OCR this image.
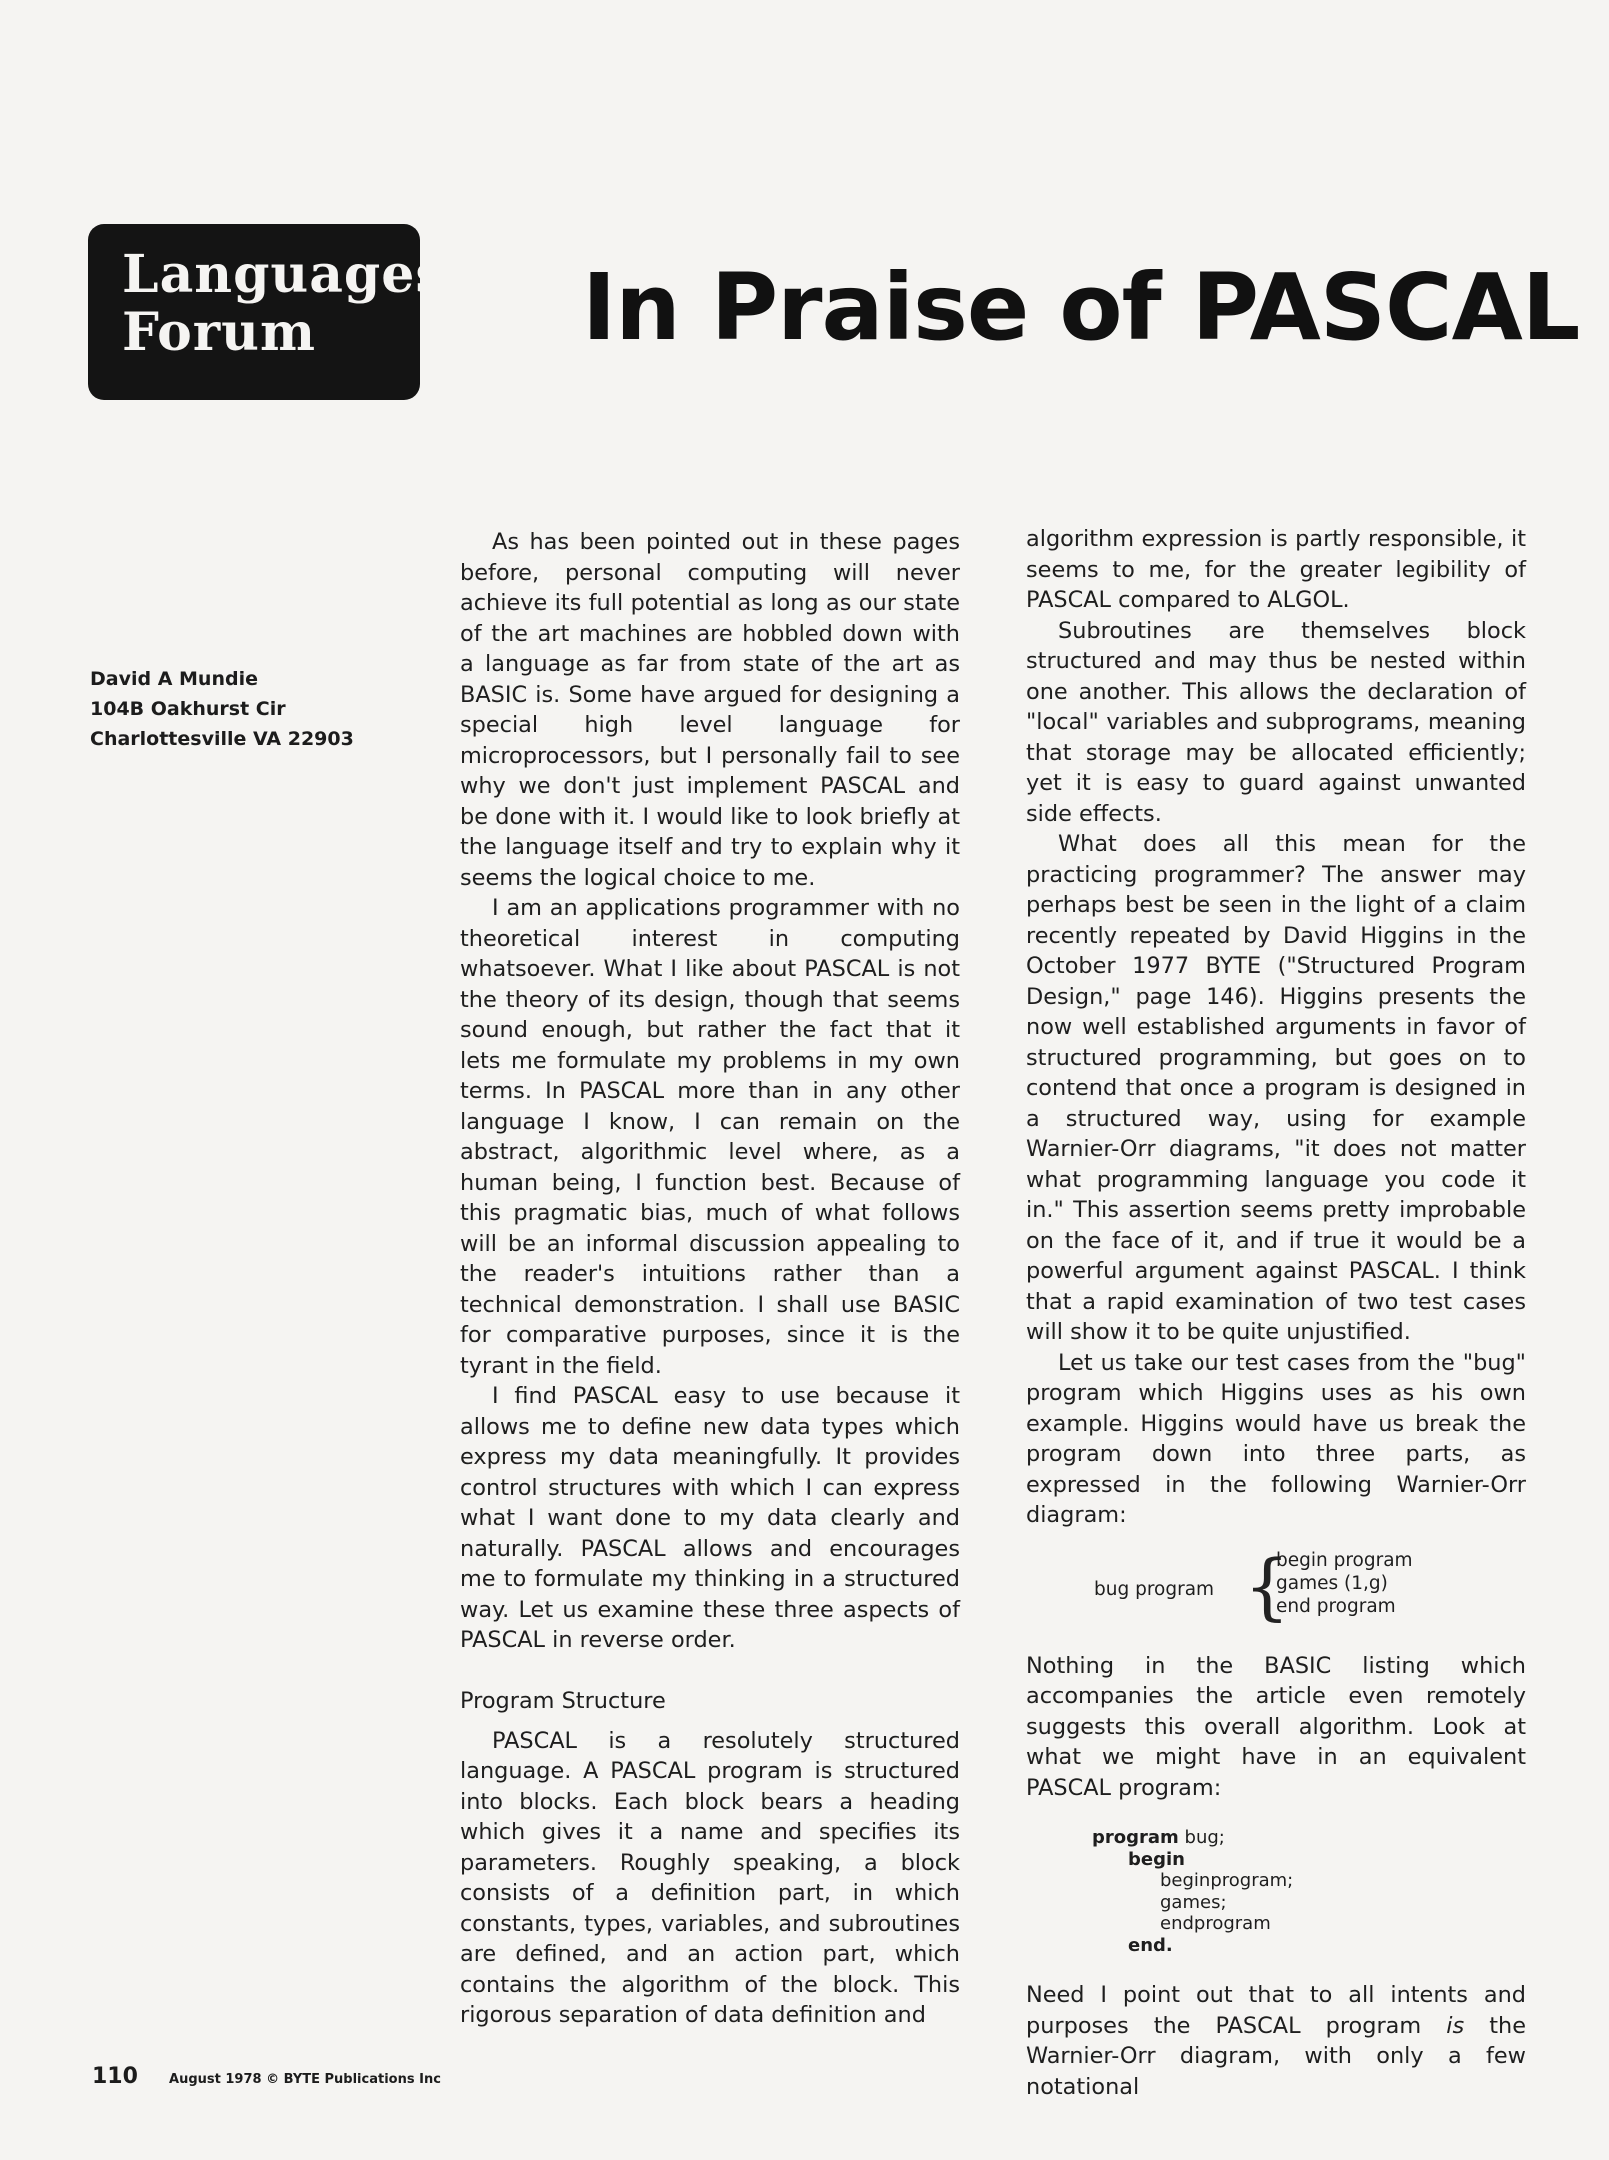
Languages
Forum	In Praise of PASCAL
David A Mundie
104B Oakhurst Cir
Charlottesville VA 22903

As has been pointed out in these pages before, personal computing will never achieve its full potential as long as our state of the art machines are hobbled down with a language as far from state of the art as BASIC is. Some have argued for designing a special high level language for microprocessors, but I personally fail to see why we don't just implement PASCAL and be done with it. I would like to look briefly at the language itself and try to explain why it seems the logical choice to me.

I am an applications programmer with no theoretical interest in computing whatsoever. What I like about PASCAL is not the theory of its design, though that seems sound enough, but rather the fact that it lets me formulate my problems in my own terms. In PASCAL more than in any other language I know, I can remain on the abstract, algorithmic level where, as a human being, I function best. Because of this pragmatic bias, much of what follows will be an informal discussion appealing to the reader's intuitions rather than a technical demonstration. I shall use BASIC for comparative purposes, since it is the tyrant in the field.

I find PASCAL easy to use because it allows me to define new data types which express my data meaningfully. It provides control structures with which I can express what I want done to my data clearly and naturally. PASCAL allows and encourages me to formulate my thinking in a structured way. Let us examine these three aspects of PASCAL in reverse order.

Program Structure

PASCAL is a resolutely structured language. A PASCAL program is structured into blocks. Each block bears a heading which gives it a name and specifies its parameters. Roughly speaking, a block consists of a definition part, in which constants, types, variables, and subroutines are defined, and an action part, which contains the algorithm of the block. This rigorous separation of data definition and

algorithm expression is partly responsible, it seems to me, for the greater legibility of PASCAL compared to ALGOL.

Subroutines are themselves block structured and may thus be nested within one another. This allows the declaration of "local" variables and subprograms, meaning that storage may be allocated efficiently; yet it is easy to guard against unwanted side effects.

What does all this mean for the practicing programmer? The answer may perhaps best be seen in the light of a claim recently repeated by David Higgins in the October 1977 BYTE ("Structured Program Design," page 146). Higgins presents the now well established arguments in favor of structured programming, but goes on to contend that once a program is designed in a structured way, using for example Warnier-Orr diagrams, "it does not matter what programming language you code it in." This assertion seems pretty improbable on the face of it, and if true it would be a powerful argument against PASCAL. I think that a rapid examination of two test cases will show it to be quite unjustified.

Let us take our test cases from the "bug" program which Higgins uses as his own example. Higgins would have us break the program down into three parts, as expressed in the following Warnier-Orr diagram:

bug program {
begin program
games (1,g)
end program

Nothing in the BASIC listing which accompanies the article even remotely suggests this overall algorithm. Look at what we might have in an equivalent PASCAL program:

program bug;
begin
beginprogram;
games;
endprogram
end.

Need I point out that to all intents and purposes the PASCAL program is the Warnier-Orr diagram, with only a few notational

110 August 1978 © BYTE Publications Inc
